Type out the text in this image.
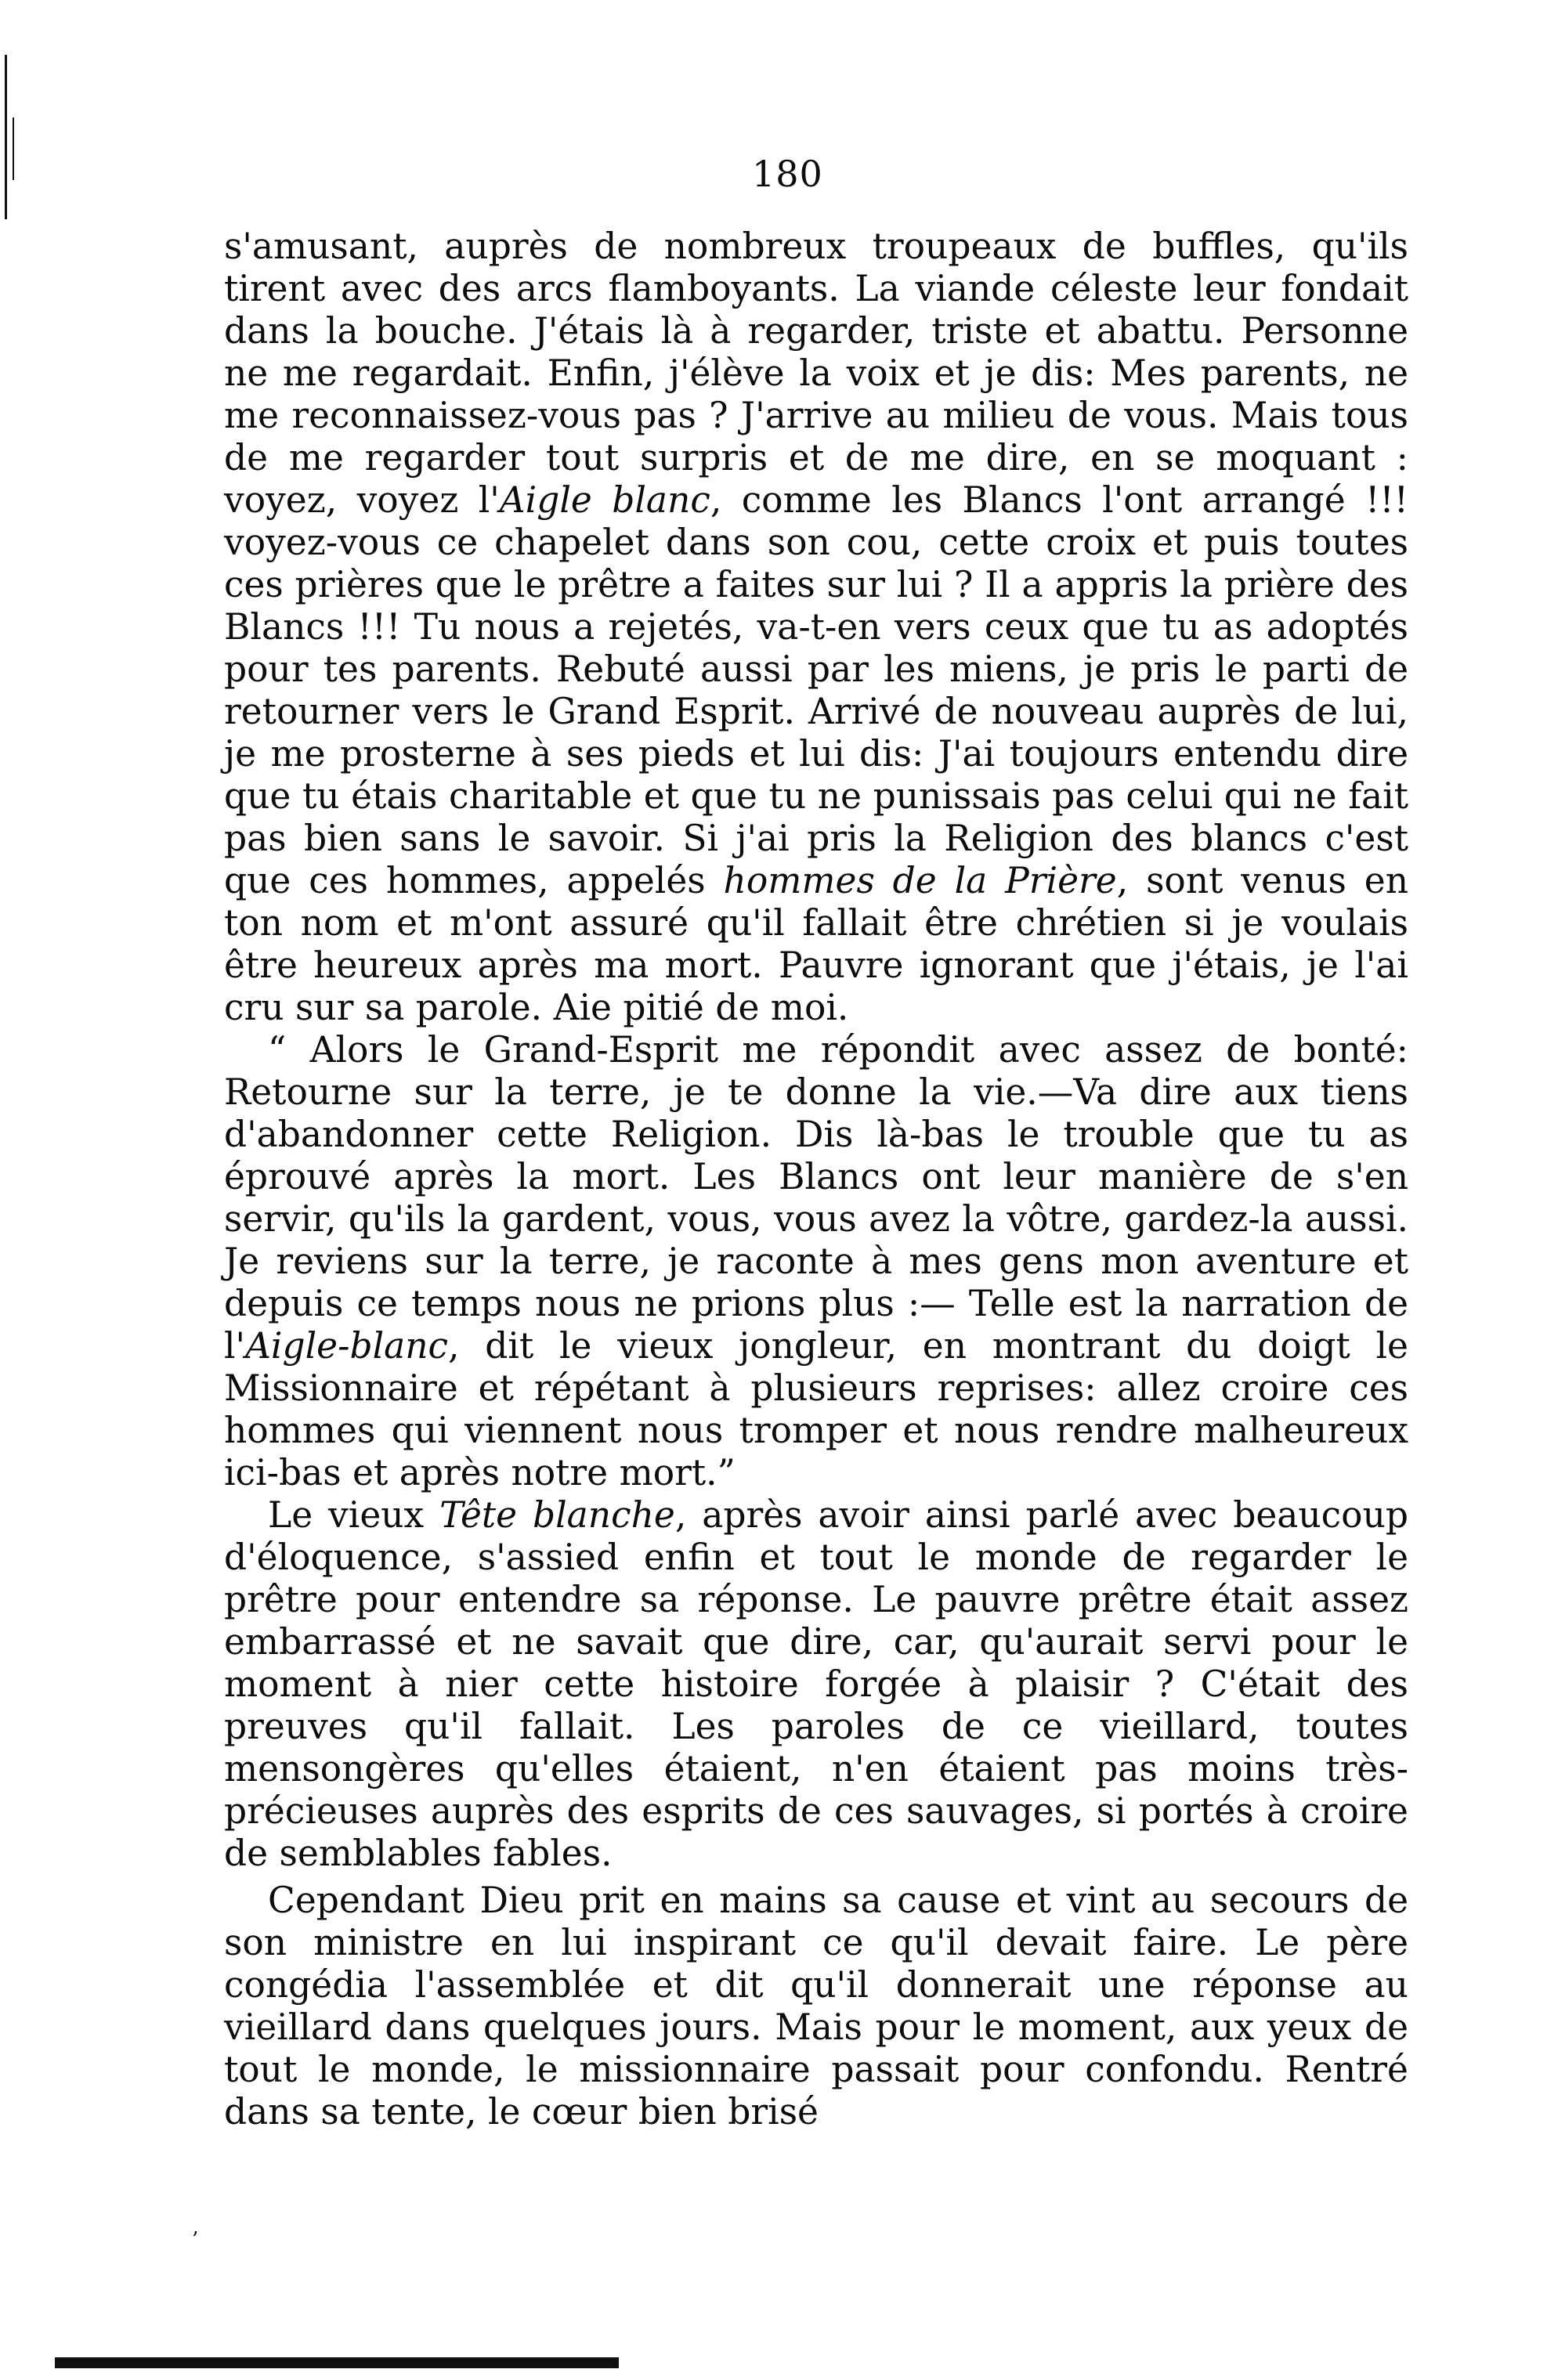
180

s'amusant, auprès de nombreux troupeaux de buffles, qu'ils tirent avec des arcs flamboyants. La viande céleste leur fondait dans la bouche. J'étais là à regarder, triste et abattu. Personne ne me regardait. Enfin, j'élève la voix et je dis: Mes parents, ne me reconnaissez-vous pas ? J'arrive au milieu de vous. Mais tous de me regarder tout surpris et de me dire, en se moquant : voyez, voyez l'Aigle blanc, comme les Blancs l'ont arrangé !!! voyez-vous ce chapelet dans son cou, cette croix et puis toutes ces prières que le prêtre a faites sur lui ? Il a appris la prière des Blancs !!! Tu nous a rejetés, va-t-en vers ceux que tu as adoptés pour tes parents. Rebuté aussi par les miens, je pris le parti de retourner vers le Grand Esprit. Arrivé de nouveau auprès de lui, je me prosterne à ses pieds et lui dis: J'ai toujours entendu dire que tu étais charitable et que tu ne punissais pas celui qui ne fait pas bien sans le savoir. Si j'ai pris la Religion des blancs c'est que ces hommes, appelés hommes de la Prière, sont venus en ton nom et m'ont assuré qu'il fallait être chrétien si je voulais être heureux après ma mort. Pauvre ignorant que j'étais, je l'ai cru sur sa parole. Aie pitié de moi.

“ Alors le Grand-Esprit me répondit avec assez de bonté: Retourne sur la terre, je te donne la vie.—Va dire aux tiens d'abandonner cette Religion. Dis là-bas le trouble que tu as éprouvé après la mort. Les Blancs ont leur manière de s'en servir, qu'ils la gardent, vous, vous avez la vôtre, gardez-la aussi. Je reviens sur la terre, je raconte à mes gens mon aventure et depuis ce temps nous ne prions plus :— Telle est la narration de l'Aigle-blanc, dit le vieux jongleur, en montrant du doigt le Missionnaire et répétant à plusieurs reprises: allez croire ces hommes qui viennent nous tromper et nous rendre malheureux ici-bas et après notre mort.”

Le vieux Tête blanche, après avoir ainsi parlé avec beaucoup d'éloquence, s'assied enfin et tout le monde de regarder le prêtre pour entendre sa réponse. Le pauvre prêtre était assez embarrassé et ne savait que dire, car, qu'aurait servi pour le moment à nier cette histoire forgée à plaisir ? C'était des preuves qu'il fallait. Les paroles de ce vieillard, toutes mensongères qu'elles étaient, n'en étaient pas moins très-précieuses auprès des esprits de ces sauvages, si portés à croire de semblables fables.

Cependant Dieu prit en mains sa cause et vint au secours de son ministre en lui inspirant ce qu'il devait faire. Le père congédia l'assemblée et dit qu'il donnerait une réponse au vieillard dans quelques jours. Mais pour le moment, aux yeux de tout le monde, le missionnaire passait pour confondu. Rentré dans sa tente, le cœur bien brisé

’
